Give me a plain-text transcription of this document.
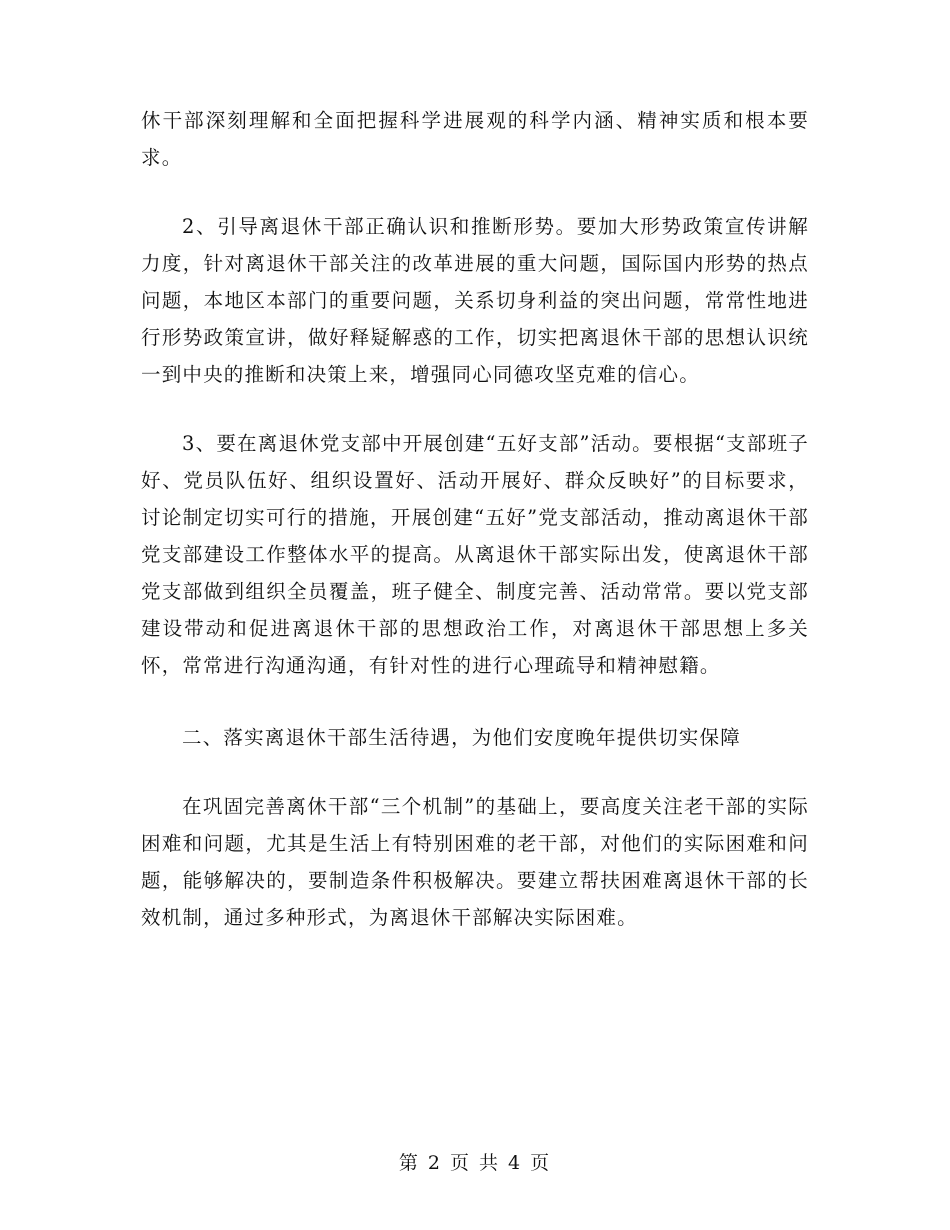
休干部深刻理解和全面把握科学进展观的科学内涵、精神实质和根本要求。

2、引导离退休干部正确认识和推断形势。要加大形势政策宣传讲解力度，针对离退休干部关注的改革进展的重大问题，国际国内形势的热点问题，本地区本部门的重要问题，关系切身利益的突出问题，常常性地进行形势政策宣讲，做好释疑解惑的工作，切实把离退休干部的思想认识统一到中央的推断和决策上来，增强同心同德攻坚克难的信心。

3、要在离退休党支部中开展创建“五好支部”活动。要根据“支部班子好、党员队伍好、组织设置好、活动开展好、群众反映好”的目标要求，讨论制定切实可行的措施，开展创建“五好”党支部活动，推动离退休干部党支部建设工作整体水平的提高。从离退休干部实际出发，使离退休干部党支部做到组织全员覆盖，班子健全、制度完善、活动常常。要以党支部建设带动和促进离退休干部的思想政治工作，对离退休干部思想上多关怀，常常进行沟通沟通，有针对性的进行心理疏导和精神慰籍。

二、落实离退休干部生活待遇，为他们安度晚年提供切实保障

在巩固完善离休干部“三个机制”的基础上，要高度关注老干部的实际困难和问题，尤其是生活上有特别困难的老干部，对他们的实际困难和问题，能够解决的，要制造条件积极解决。要建立帮扶困难离退休干部的长效机制，通过多种形式，为离退休干部解决实际困难。

第 2 页 共 4 页
